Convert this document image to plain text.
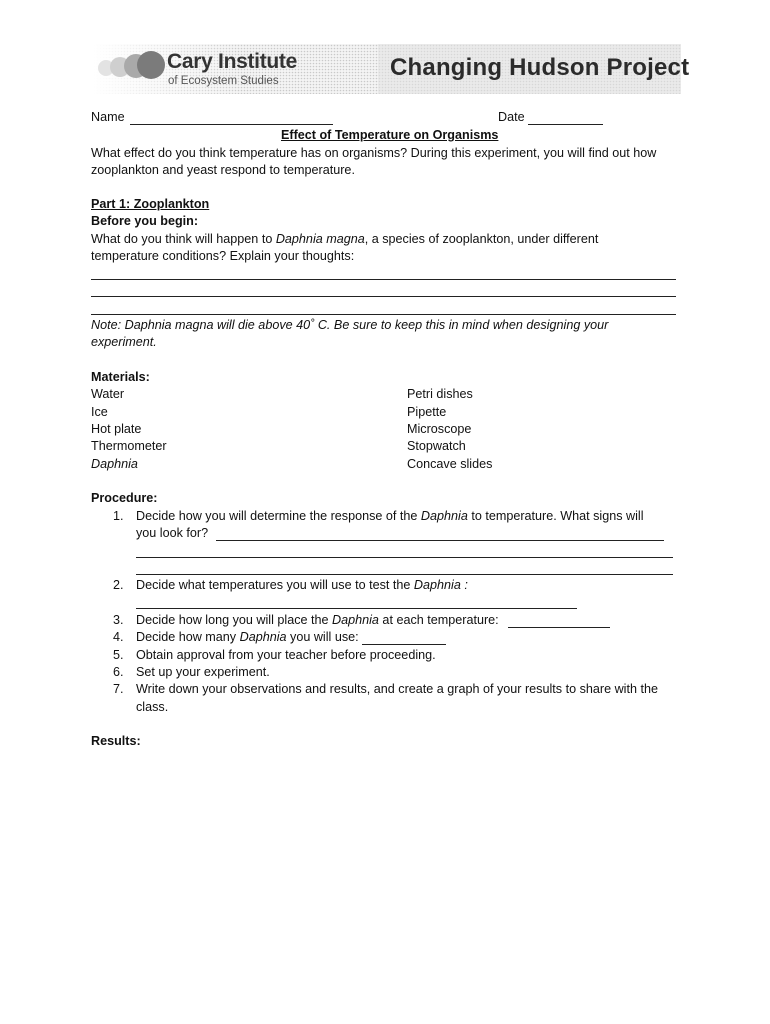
Cary Institute
of Ecosystem Studies	Changing Hudson Project
Name	Date
Effect of Temperature on Organisms
What effect do you think temperature has on organisms? During this experiment, you will find out how
zooplankton and yeast respond to temperature.
Part 1: Zooplankton
Before you begin:
What do you think will happen to Daphnia magna, a species of zooplankton, under different
temperature conditions? Explain your thoughts:
Note: Daphnia magna will die above 40˚ C. Be sure to keep this in mind when designing your
experiment.
Materials:
Water
Ice
Hot plate
Thermometer
Daphnia
Petri dishes
Pipette
Microscope
Stopwatch
Concave slides
Procedure:
1. Decide how you will determine the response of the Daphnia to temperature. What signs will
you look for?
2. Decide what temperatures you will use to test the Daphnia :
3. Decide how long you will place the Daphnia at each temperature:
4. Decide how many Daphnia you will use:
5. Obtain approval from your teacher before proceeding.
6. Set up your experiment.
7. Write down your observations and results, and create a graph of your results to share with the
class.
Results:
